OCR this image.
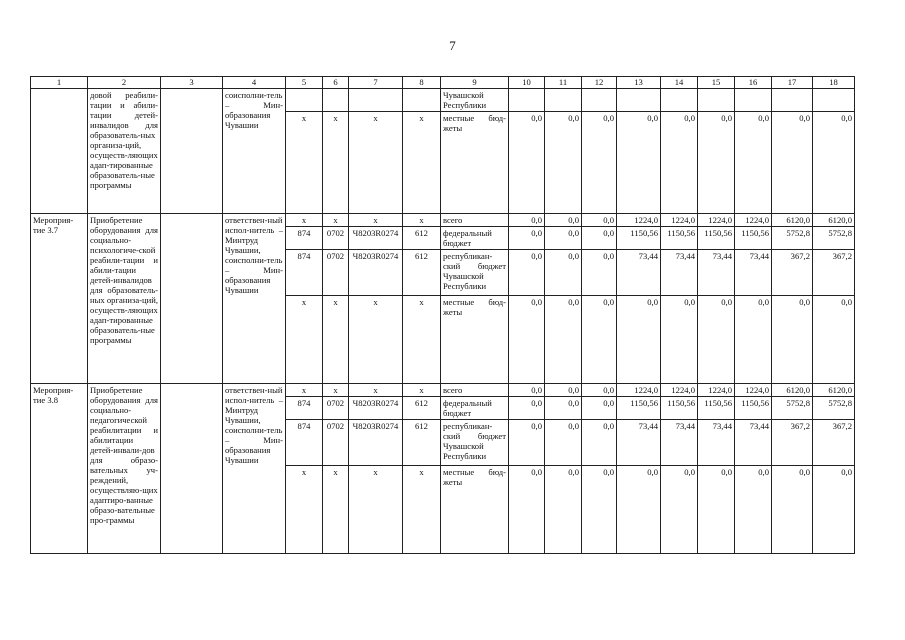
7
1	2	3	4	5	6	7	8	9	10	11	12	13	14	15	16	17	18
	довой реабили-тации и абили-тации детей-инвалидов для образователь-ных организа-ций, осуществ-ляющих адап-тированные образователь-ные программы		соисполни-тель – Мин-образования Чувашии					Чувашской Республики									
				x	x	x	x	местные бюд-жеты	0,0	0,0	0,0	0,0	0,0	0,0	0,0	0,0	0,0
Мероприя-тие 3.7	Приобретение оборудования для социально-психологиче-ской реабили-тации и абили-тации детей-инвалидов для образователь-ных организа-ций, осуществ-ляющих адап-тированные образователь-ные программы		ответствен-ный испол-нитель – Минтруд Чувашии, соисполни-тель – Мин-образования Чувашии	x	x	x	x	всего	0,0	0,0	0,0	1224,0	1224,0	1224,0	1224,0	6120,0	6120,0
				874	0702	Ч8203R0274	612	федеральный бюджет	0,0	0,0	0,0	1150,56	1150,56	1150,56	1150,56	5752,8	5752,8
				874	0702	Ч8203R0274	612	республикан-ский бюджет Чувашской Республики	0,0	0,0	0,0	73,44	73,44	73,44	73,44	367,2	367,2
				x	x	x	x	местные бюд-жеты	0,0	0,0	0,0	0,0	0,0	0,0	0,0	0,0	0,0
Мероприя-тие 3.8	Приобретение оборудования для социально-педагогической реабилитации и абилитации детей-инвали-дов для образо-вательных уч-реждений, осуществляю-щих адаптиро-ванные образо-вательные про-граммы		ответствен-ный испол-нитель – Минтруд Чувашии, соисполни-тель – Мин-образования Чувашии	x	x	x	x	всего	0,0	0,0	0,0	1224,0	1224,0	1224,0	1224,0	6120,0	6120,0
				874	0702	Ч8203R0274	612	федеральный бюджет	0,0	0,0	0,0	1150,56	1150,56	1150,56	1150,56	5752,8	5752,8
				874	0702	Ч8203R0274	612	республикан-ский бюджет Чувашской Республики	0,0	0,0	0,0	73,44	73,44	73,44	73,44	367,2	367,2
				x	x	x	x	местные бюд-жеты	0,0	0,0	0,0	0,0	0,0	0,0	0,0	0,0	0,0
